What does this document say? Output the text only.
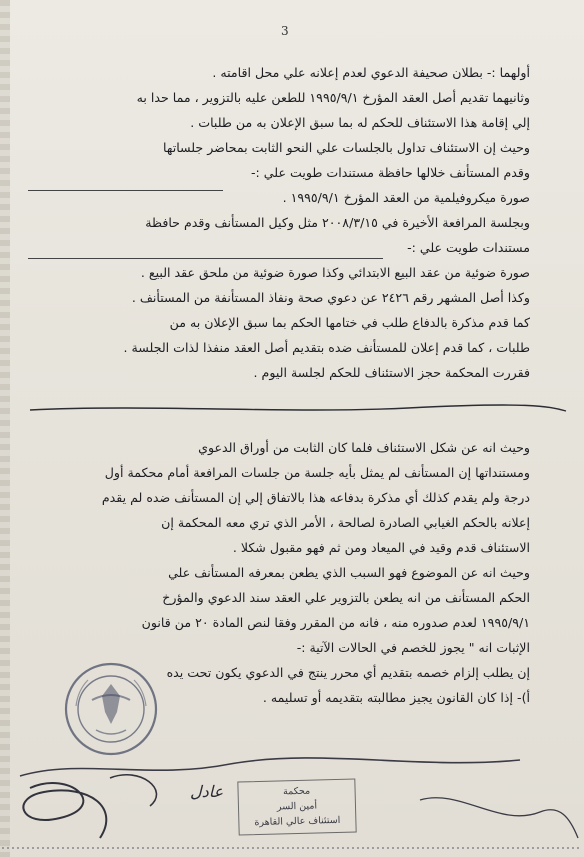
3
أولهما :- بطلان صحيفة الدعوي لعدم إعلانه علي محل اقامته .
وثانيهما تقديم أصل العقد المؤرخ ١٩٩٥/٩/١ للطعن عليه بالتزوير ، مما حدا به
إلي إقامة هذا الاستئناف للحكم له بما سبق الإعلان به من طلبات .
وحيث إن الاستئناف تداول بالجلسات علي النحو الثابت بمحاضر جلساتها
وقدم المستأنف خلالها حافظة مستندات طويت علي :-
صورة ميكروفيلمية من العقد المؤرخ ١٩٩٥/٩/١ .
وبجلسة المرافعة الأخيرة في ٢٠٠٨/٣/١٥ مثل وكيل المستأنف وقدم حافظة
مستندات طويت علي :-
صورة ضوئية من عقد البيع الابتدائي وكذا صورة ضوئية من ملحق عقد البيع .
وكذا أصل المشهر رقم ٢٤٢٦ عن دعوي صحة ونفاذ المستأنفة من المستأنف .
كما قدم مذكرة بالدفاع طلب في ختامها الحكم بما سبق الإعلان به من
طلبات ، كما قدم إعلان للمستأنف ضده بتقديم أصل العقد منفذا لذات الجلسة .
فقررت المحكمة حجز الاستئناف للحكم لجلسة اليوم .
وحيث انه عن شكل الاستئناف فلما كان الثابت من أوراق الدعوي
ومستنداتها إن المستأنف لم يمثل بأيه جلسة من جلسات المرافعة أمام محكمة أول
درجة ولم يقدم كذلك أي مذكرة بدفاعه هذا بالاتفاق إلي إن المستأنف ضده لم يقدم
إعلانه بالحكم الغيابي الصادرة لصالحة ، الأمر الذي تري معه المحكمة إن
الاستئناف قدم وقيد في الميعاد ومن ثم فهو مقبول شكلا .
وحيث انه عن الموضوع فهو السبب الذي يطعن بمعرفه المستأنف علي
الحكم المستأنف من انه يطعن بالتزوير علي العقد سند الدعوي والمؤرخ
١٩٩٥/٩/١ لعدم صدوره منه ، فانه من المقرر وفقا لنص المادة ٢٠ من قانون
الإثبات انه " يجوز للخصم في الحالات الآتية :-
إن يطلب إلزام خصمه بتقديم أي محرر ينتج في الدعوي يكون تحت يده
أ)- إذا كان القانون يجيز مطالبته بتقديمه أو تسليمه .
عادل	محكمة
أمين السر
استئناف عالي القاهرة
